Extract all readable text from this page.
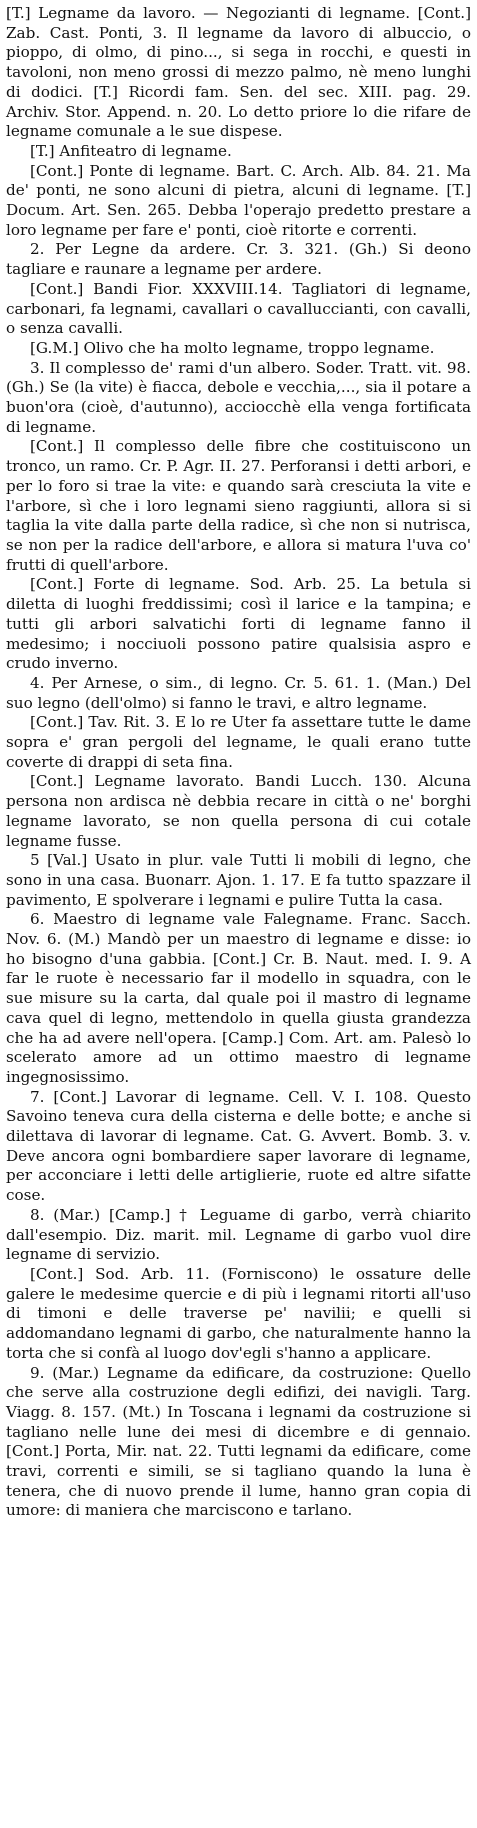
[T.] Legname da lavoro. — Negozianti di legname. [Cont.] Zab. Cast. Ponti, 3. Il legname da lavoro di albuccio, o pioppo, di olmo, di pino..., si sega in rocchi, e questi in tavoloni, non meno grossi di mezzo palmo, nè meno lunghi di dodici. [T.] Ricordi fam. Sen. del sec. XIII. pag. 29. Archiv. Stor. Append. n. 20. Lo detto priore lo die rifare de legname comunale a le sue dispese.

[T.] Anfiteatro di legname.

[Cont.] Ponte di legname. Bart. C. Arch. Alb. 84. 21. Ma de' ponti, ne sono alcuni di pietra, alcuni di legname. [T.] Docum. Art. Sen. 265. Debba l'operajo predetto prestare a loro legname per fare e' ponti, cioè ritorte e correnti.

2. Per Legne da ardere. Cr. 3. 321. (Gh.) Si deono tagliare e raunare a legname per ardere.

[Cont.] Bandi Fior. XXXVIII.14. Tagliatori di legname, carbonari, fa legnami, cavallari o cavalluccianti, con cavalli, o senza cavalli.

[G.M.] Olivo che ha molto legname, troppo legname.

3. Il complesso de' rami d'un albero. Soder. Tratt. vit. 98. (Gh.) Se (la vite) è fiacca, debole e vecchia,..., sia il potare a buon'ora (cioè, d'autunno), acciocchè ella venga fortificata di legname.

[Cont.] Il complesso delle fibre che costituiscono un tronco, un ramo. Cr. P. Agr. II. 27. Perforansi i detti arbori, e per lo foro si trae la vite: e quando sarà cresciuta la vite e l'arbore, sì che i loro legnami sieno raggiunti, allora si si taglia la vite dalla parte della radice, sì che non si nutrisca, se non per la radice dell'arbore, e allora si matura l'uva co' frutti di quell'arbore.

[Cont.] Forte di legname. Sod. Arb. 25. La betula si diletta di luoghi freddissimi; così il larice e la tampina; e tutti gli arbori salvatichi forti di legname fanno il medesimo; i nocciuoli possono patire qualsisia aspro e crudo inverno.

4. Per Arnese, o sim., di legno. Cr. 5. 61. 1. (Man.) Del suo legno (dell'olmo) si fanno le travi, e altro legname.

[Cont.] Tav. Rit. 3. E lo re Uter fa assettare tutte le dame sopra e' gran pergoli del legname, le quali erano tutte coverte di drappi di seta fina.

[Cont.] Legname lavorato. Bandi Lucch. 130. Alcuna persona non ardisca nè debbia recare in città o ne' borghi legname lavorato, se non quella persona di cui cotale legname fusse.

5 [Val.] Usato in plur. vale Tutti li mobili di legno, che sono in una casa. Buonarr. Ajon. 1. 17. E fa tutto spazzare il pavimento, E spolverare i legnami e pulire Tutta la casa.

6. Maestro di legname vale Falegname. Franc. Sacch. Nov. 6. (M.) Mandò per un maestro di legname e disse: io ho bisogno d'una gabbia. [Cont.] Cr. B. Naut. med. I. 9. A far le ruote è necessario far il modello in squadra, con le sue misure su la carta, dal quale poi il mastro di legname cava quel di legno, mettendolo in quella giusta grandezza che ha ad avere nell'opera. [Camp.] Com. Art. am. Palesò lo scelerato amore ad un ottimo maestro di legname ingegnosissimo.

7. [Cont.] Lavorar di legname. Cell. V. I. 108. Questo Savoino teneva cura della cisterna e delle botte; e anche si dilettava di lavorar di legname. Cat. G. Avvert. Bomb. 3. v. Deve ancora ogni bombardiere saper lavorare di legname, per acconciare i letti delle artiglierie, ruote ed altre sifatte cose.

8. (Mar.) [Camp.] † Leguame di garbo, verrà chiarito dall'esempio. Diz. marit. mil. Legname di garbo vuol dire legname di servizio.

[Cont.] Sod. Arb. 11. (Forniscono) le ossature delle galere le medesime quercie e di più i legnami ritorti all'uso di timoni e delle traverse pe' navilii; e quelli si addomandano legnami di garbo, che naturalmente hanno la torta che si confà al luogo dov'egli s'hanno a applicare.

9. (Mar.) Legname da edificare, da costruzione: Quello che serve alla costruzione degli edifizi, dei navigli. Targ. Viagg. 8. 157. (Mt.) In Toscana i legnami da costruzione si tagliano nelle lune dei mesi di dicembre e di gennaio. [Cont.] Porta, Mir. nat. 22. Tutti legnami da edificare, come travi, correnti e simili, se si tagliano quando la luna è tenera, che di nuovo prende il lume, hanno gran copia di umore: di maniera che marciscono e tarlano.
